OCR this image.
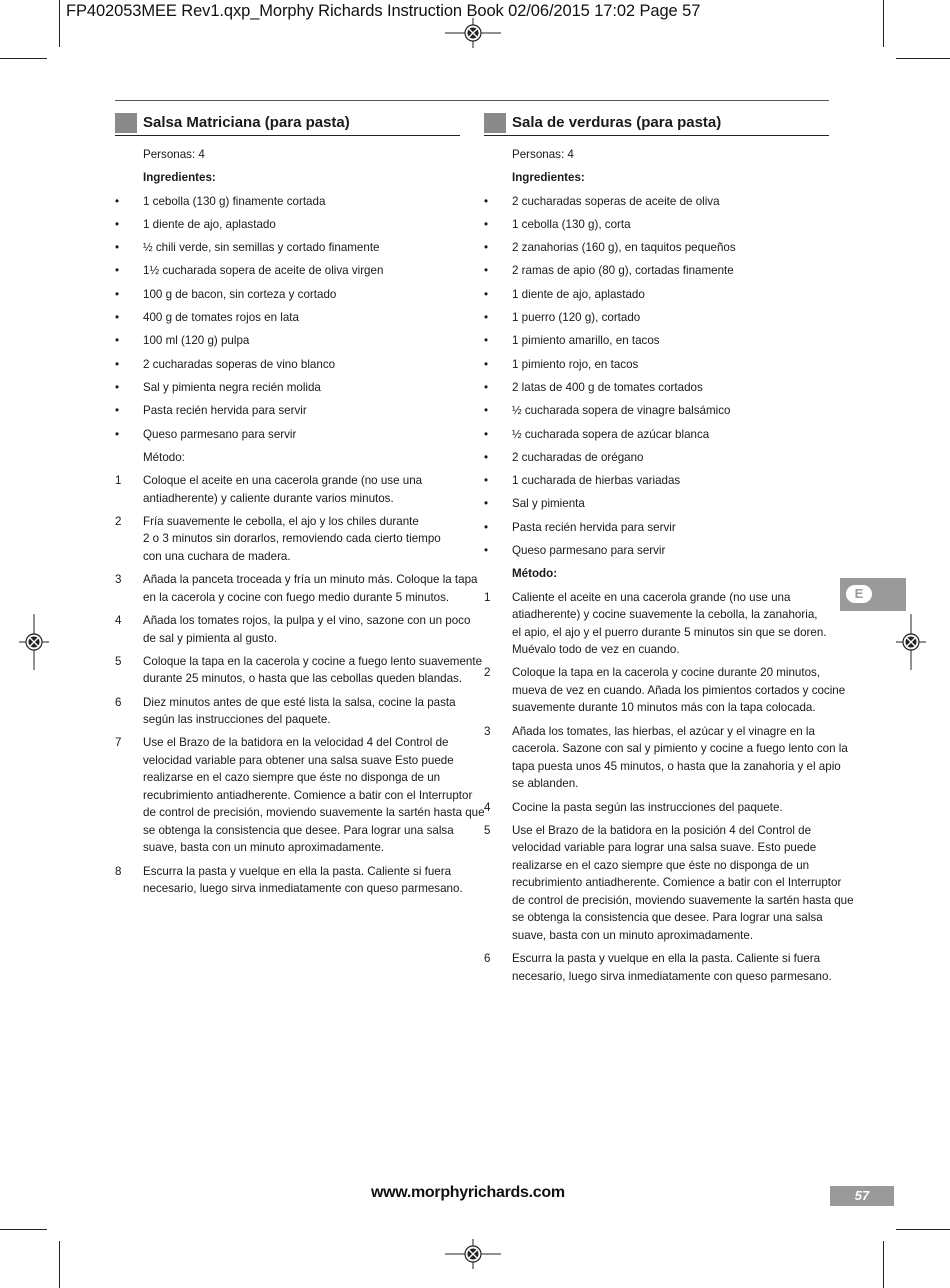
FP402053MEE Rev1.qxp_Morphy Richards Instruction Book 02/06/2015 17:02 Page 57
Salsa Matriciana (para pasta)
Personas: 4
Ingredientes:
• 1 cebolla (130 g) finamente cortada
• 1 diente de ajo, aplastado
• ½ chili verde, sin semillas y cortado finamente
• 1½ cucharada sopera de aceite de oliva virgen
• 100 g de bacon, sin corteza y cortado
• 400 g de tomates rojos en lata
• 100 ml (120 g) pulpa
• 2 cucharadas soperas de vino blanco
• Sal y pimienta negra recién molida
• Pasta recién hervida para servir
• Queso parmesano para servir
Método:
1 Coloque el aceite en una cacerola grande (no use una
antiadherente) y caliente durante varios minutos.
2 Fría suavemente le cebolla, el ajo y los chiles durante
2 o 3 minutos sin dorarlos, removiendo cada cierto tiempo
con una cuchara de madera.
3 Añada la panceta troceada y fría un minuto más. Coloque la tapa
en la cacerola y cocine con fuego medio durante 5 minutos.
4 Añada los tomates rojos, la pulpa y el vino, sazone con un poco
de sal y pimienta al gusto.
5 Coloque la tapa en la cacerola y cocine a fuego lento suavemente
durante 25 minutos, o hasta que las cebollas queden blandas.
6 Diez minutos antes de que esté lista la salsa, cocine la pasta
según las instrucciones del paquete.
7 Use el Brazo de la batidora en la velocidad 4 del Control de
velocidad variable para obtener una salsa suave Esto puede
realizarse en el cazo siempre que éste no disponga de un
recubrimiento antiadherente. Comience a batir con el Interruptor
de control de precisión, moviendo suavemente la sartén hasta que
se obtenga la consistencia que desee. Para lograr una salsa
suave, basta con un minuto aproximadamente.
8 Escurra la pasta y vuelque en ella la pasta. Caliente si fuera
necesario, luego sirva inmediatamente con queso parmesano.
Sala de verduras (para pasta)
Personas: 4
Ingredientes:
• 2 cucharadas soperas de aceite de oliva
• 1 cebolla (130 g), corta
• 2 zanahorias (160 g), en taquitos pequeños
• 2 ramas de apio (80 g), cortadas finamente
• 1 diente de ajo, aplastado
• 1 puerro (120 g), cortado
• 1 pimiento amarillo, en tacos
• 1 pimiento rojo, en tacos
• 2 latas de 400 g de tomates cortados
• ½ cucharada sopera de vinagre balsámico
• ½ cucharada sopera de azúcar blanca
• 2 cucharadas de orégano
• 1 cucharada de hierbas variadas
• Sal y pimienta
• Pasta recién hervida para servir
• Queso parmesano para servir
Método:
1 Caliente el aceite en una cacerola grande (no use una
atiadherente) y cocine suavemente la cebolla, la zanahoria,
el apio, el ajo y el puerro durante 5 minutos sin que se doren.
Muévalo todo de vez en cuando.
2 Coloque la tapa en la cacerola y cocine durante 20 minutos,
mueva de vez en cuando. Añada los pimientos cortados y cocine
suavemente durante 10 minutos más con la tapa colocada.
3 Añada los tomates, las hierbas, el azúcar y el vinagre en la
cacerola. Sazone con sal y pimiento y cocine a fuego lento con la
tapa puesta unos 45 minutos, o hasta que la zanahoria y el apio
se ablanden.
4 Cocine la pasta según las instrucciones del paquete.
5 Use el Brazo de la batidora en la posición 4 del Control de
velocidad variable para lograr una salsa suave. Esto puede
realizarse en el cazo siempre que éste no disponga de un
recubrimiento antiadherente. Comience a batir con el Interruptor
de control de precisión, moviendo suavemente la sartén hasta que
se obtenga la consistencia que desee. Para lograr una salsa
suave, basta con un minuto aproximadamente.
6 Escurra la pasta y vuelque en ella la pasta. Caliente si fuera
necesario, luego sirva inmediatamente con queso parmesano.
E
www.morphyrichards.com	57
